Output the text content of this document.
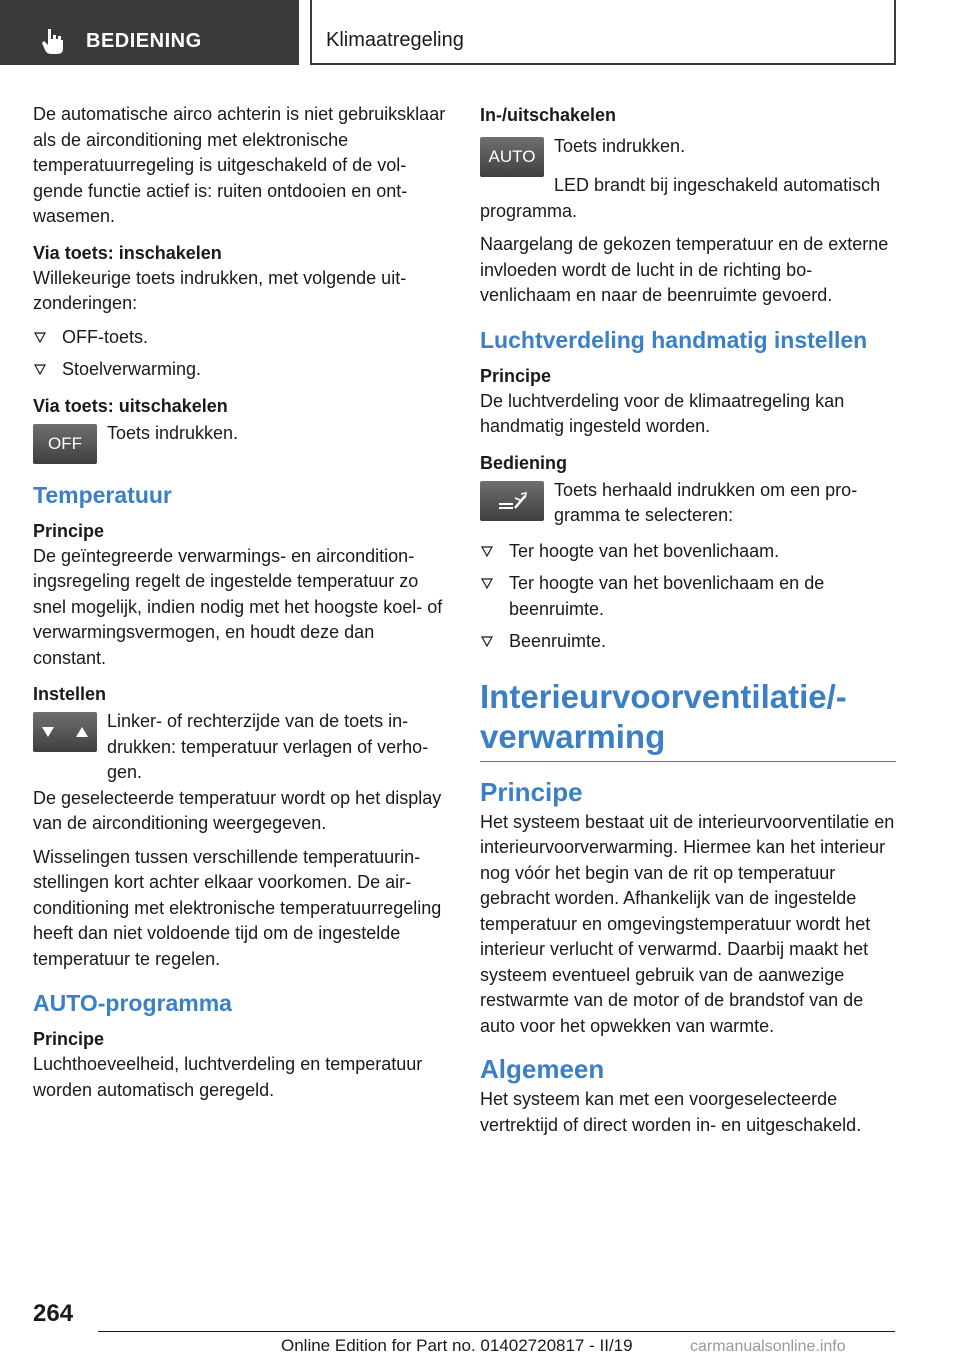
BEDIENING	Klimaatregeling

De automatische airco achterin is niet gebruiksklaar als de airconditioning met elektronische temperatuurregeling is uitgeschakeld of de volgende functie actief is: ruiten ontdooien en ontwasemen.

Via toets: inschakelen

Willekeurige toets indrukken, met volgende uitzonderingen:

OFF-toets.
Stoelverwarming.
Via toets: uitschakelen
OFF
Toets indrukken.
Temperatuur
Principe

De geïntegreerde verwarmings- en airconditioningsregeling regelt de ingestelde temperatuur zo snel mogelijk, indien nodig met het hoogste koel- of verwarmingsvermogen, en houdt deze dan constant.

Instellen
Linker- of rechterzijde van de toets indrukken: temperatuur verlagen of verhogen.

De geselecteerde temperatuur wordt op het display van de airconditioning weergegeven.

Wisselingen tussen verschillende temperatuurinstellingen kort achter elkaar voorkomen. De airconditioning met elektronische temperatuurregeling heeft dan niet voldoende tijd om de ingestelde temperatuur te regelen.

AUTO-programma
Principe

Luchthoeveelheid, luchtverdeling en temperatuur worden automatisch geregeld.

In-/uitschakelen
AUTO

Toets indrukken.

LED brandt bij ingeschakeld automatisch programma.

Naargelang de gekozen temperatuur en de externe invloeden wordt de lucht in de richting bovenlichaam en naar de beenruimte gevoerd.

Luchtverdeling handmatig instellen
Principe

De luchtverdeling voor de klimaatregeling kan handmatig ingesteld worden.

Bediening
Toets herhaald indrukken om een programma te selecteren:
Ter hoogte van het bovenlichaam.
Ter hoogte van het bovenlichaam en de beenruimte.
Beenruimte.
Interieurvoorventilatie/-verwarming
Principe

Het systeem bestaat uit de interieurvoorventilatie en interieurvoorverwarming. Hiermee kan het interieur nog vóór het begin van de rit op temperatuur gebracht worden. Afhankelijk van de ingestelde temperatuur en omgevingstemperatuur wordt het interieur verlucht of verwarmd. Daarbij maakt het systeem eventueel gebruik van de aanwezige restwarmte van de motor of de brandstof van de auto voor het opwekken van warmte.

Algemeen

Het systeem kan met een voorgeselecteerde vertrektijd of direct worden in- en uitgeschakeld.

264
Online Edition for Part no. 01402720817 - II/19	carmanualsonline.info
